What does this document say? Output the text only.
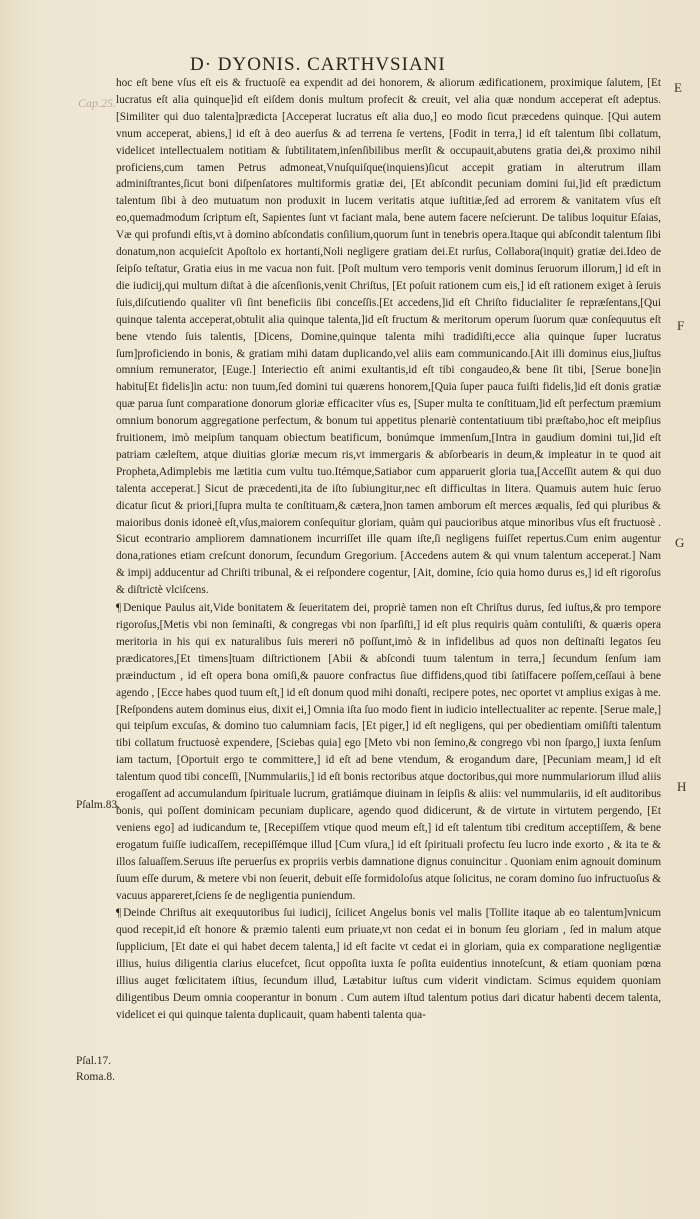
D· DYONIS. CARTHVSIANI
Cap.25.
E
F
G
H
Pſalm.83.
Pſal.17.
Roma.8.

hoc eſt bene vſus eſt eis & fructuoſè ea expendit ad dei honorem, & aliorum ædificationem, proximique ſalutem, [Et lucratus eſt alia quinque]id eſt eiſdem donis multum profecit & creuit, vel alia quæ nondum acceperat eſt adeptus. [Similiter qui duo talenta]prædicta [Acceperat lucratus eſt alia duo,] eo modo ſicut præcedens quinque. [Qui autem vnum acceperat, abiens,] id eſt à deo auerſus & ad terrena ſe vertens, [Fodit in terra,] id eſt talentum ſibi collatum, videlicet intellectualem notitiam & ſubtilitatem,inſenſibilibus merſit & occupauit,abutens gratia dei,& proximo nihil proficiens,cum tamen Petrus admoneat,Vnuſquiſque(inquiens)ſicut accepit gratiam in alterutrum illam adminiſtrantes,ſicut boni diſpenſatores multiformis gratiæ dei, [Et abſcondit pecuniam domini ſui,]id eſt prædictum talentum ſibi à deo mutuatum non produxit in lucem veritatis atque iuſtitiæ,ſed ad errorem & vanitatem vſus eſt eo,quemadmodum ſcriptum eſt, Sapientes ſunt vt faciant mala, bene autem facere neſcierunt. De talibus loquitur Eſaias, Væ qui profundi eſtis,vt à domino abſcondatis conſilium,quorum ſunt in tenebris opera.Itaque qui abſcondit talentum ſibi donatum,non acquieſcit Apoſtolo ex hortanti,Noli negligere gratiam dei.Et rurſus, Collabora(inquit) gratiæ dei.Ideo de ſeipſo teſtatur, Gratia eius in me vacua non fuit. [Poſt multum vero temporis venit dominus ſeruorum illorum,] id eſt in die iudicij,qui multum diſtat à die aſcenſionis,venit Chriſtus, [Et poſuit rationem cum eis,] id eſt rationem exiget à ſeruis ſuis,diſcutiendo qualiter vſi ſint beneficiis ſibi conceſſis.[Et accedens,]id eſt Chriſto fiducialiter ſe repræſentans,[Qui quinque talenta acceperat,obtulit alia quinque talenta,]id eſt fructum & meritorum operum ſuorum quæ conſequutus eſt bene vtendo ſuis talentis, [Dicens, Domine,quinque talenta mihi tradidiſti,ecce alia quinque ſuper lucratus ſum]proficiendo in bonis, & gratiam mihi datam duplicando,vel aliis eam communicando.[Ait illi dominus eius,]iuſtus omnium remunerator, [Euge.] Interiectio eſt animi exultantis,id eſt tibi congaudeo,& bene ſit tibi, [Serue bone]in habitu[Et fidelis]in actu: non tuum,ſed domini tui quærens honorem,[Quia ſuper pauca fuiſti fidelis,]id eſt donis gratiæ quæ parua ſunt comparatione donorum gloriæ efficaciter vſus es, [Super multa te conſtituam,]id eſt perfectum præmium omnium bonorum aggregatione perfectum, & bonum tui appetitus plenariè contentatiuum tibi præſtabo,hoc eſt meipſius fruitionem, imò meipſum tanquam obiectum beatificum, bonúmque immenſum,[Intra in gaudium domini tui,]id eſt patriam cæleſtem, atque diuitias gloriæ mecum ris,vt immergaris & abſorbearis in deum,& impleatur in te quod ait Propheta,Adimplebis me lætitia cum vultu tuo.Itémque,Satiabor cum apparuerit gloria tua,[Acceſſit autem & qui duo talenta acceperat.] Sicut de præcedenti,ita de iſto ſubiungitur,nec eſt difficultas in litera. Quamuis autem huic ſeruo dicatur ſicut & priori,[ſupra multa te conſtituam,& cætera,]non tamen amborum eſt merces æqualis, ſed qui pluribus & maioribus donis idoneè eſt,vſus,maiorem conſequitur gloriam, quàm qui paucioribus atque minoribus vſus eſt fructuosè . Sicut econtrario ampliorem damnationem incurriſſet ille quam iſte,ſi negligens fuiſſet repertus.Cum enim augentur dona,rationes etiam creſcunt donorum, ſecundum Gregorium. [Accedens autem & qui vnum talentum acceperat.] Nam & impij adducentur ad Chriſti tribunal, & ei reſpondere cogentur, [Ait, domine, ſcio quia homo durus es,] id eſt rigoroſus & diſtrictè vlciſcens.

¶ Denique Paulus ait,Vide bonitatem & ſeueritatem dei, propriè tamen non eſt Chriſtus durus, ſed iuſtus,& pro tempore rigoroſus,[Metis vbi non ſeminaſti, & congregas vbi non ſparſiſti,] id eſt plus requiris quàm contuliſti, & quæris opera meritoria in his qui ex naturalibus ſuis mereri nō poſſunt,imò & in infidelibus ad quos non deſtinaſti legatos ſeu prædicatores,[Et timens]tuam diſtrictionem [Abii & abſcondi tuum talentum in terra,] ſecundum ſenſum iam præinductum , id eſt opera bona omiſi,& pauore confractus ſiue diffidens,quod tibi ſatiſfacere poſſem,ceſſaui à bene agendo , [Ecce habes quod tuum eſt,] id eſt donum quod mihi donaſti, recipere potes, nec oportet vt amplius exigas à me. [Reſpondens autem dominus eius, dixit ei,] Omnia iſta ſuo modo fient in iudicio intellectualiter ac repente. [Serue male,] qui teipſum excuſas, & domino tuo calumniam facis, [Et piger,] id eſt negligens, qui per obedientiam omiſiſti talentum tibi collatum fructuosè expendere, [Sciebas quia] ego [Meto vbi non ſemino,& congrego vbi non ſpargo,] iuxta ſenſum iam tactum, [Oportuit ergo te committere,] id eſt ad bene vtendum, & erogandum dare, [Pecuniam meam,] id eſt talentum quod tibi conceſſi, [Nummulariis,] id eſt bonis rectoribus atque doctoribus,qui more nummulariorum illud aliis erogaſſent ad accumulandum ſpirituale lucrum, gratiámque diuinam in ſeipſis & aliis: vel nummulariis, id eſt auditoribus bonis, qui poſſent dominicam pecuniam duplicare, agendo quod didicerunt, & de virtute in virtutem pergendo, [Et veniens ego] ad iudicandum te, [Recepiſſem vtique quod meum eſt,] id eſt talentum tibi creditum acceptiſſem, & bene erogatum fuiſſe iudicaſſem, recepiſſémque illud [Cum vſura,] id eſt ſpirituali profectu ſeu lucro inde exorto , & ita te & illos ſaluaſſem.Seruus iſte peruerſus ex propriis verbis damnatione dignus conuincitur . Quoniam enim agnouit dominum ſuum eſſe durum, & metere vbi non ſeuerit, debuit eſſe formidoloſus atque ſolicitus, ne coram domino ſuo infructuoſus & vacuus appareret,ſciens ſe de negligentia puniendum.

¶ Deinde Chriſtus ait exequutoribus ſui iudicij, ſcilicet Angelus bonis vel malis [Tollite itaque ab eo talentum]vnicum quod recepit,id eſt honore & præmio talenti eum priuate,vt non cedat ei in bonum ſeu gloriam , ſed in malum atque ſupplicium, [Et date ei qui habet decem talenta,] id eſt facite vt cedat ei in gloriam, quia ex comparatione negligentiæ illius, huius diligentia clarius elucefcet, ſicut oppoſita iuxta ſe poſita euidentius innoteſcunt, & etiam quoniam pœna illius auget fœlicitatem iſtius, ſecundum illud, Lætabitur iuſtus cum viderit vindictam. Scimus equidem quoniam diligentibus Deum omnia cooperantur in bonum . Cum autem iſtud talentum potius dari dicatur habenti decem talenta, videlicet ei qui quinque talenta duplicauit, quam habenti talenta qua-
